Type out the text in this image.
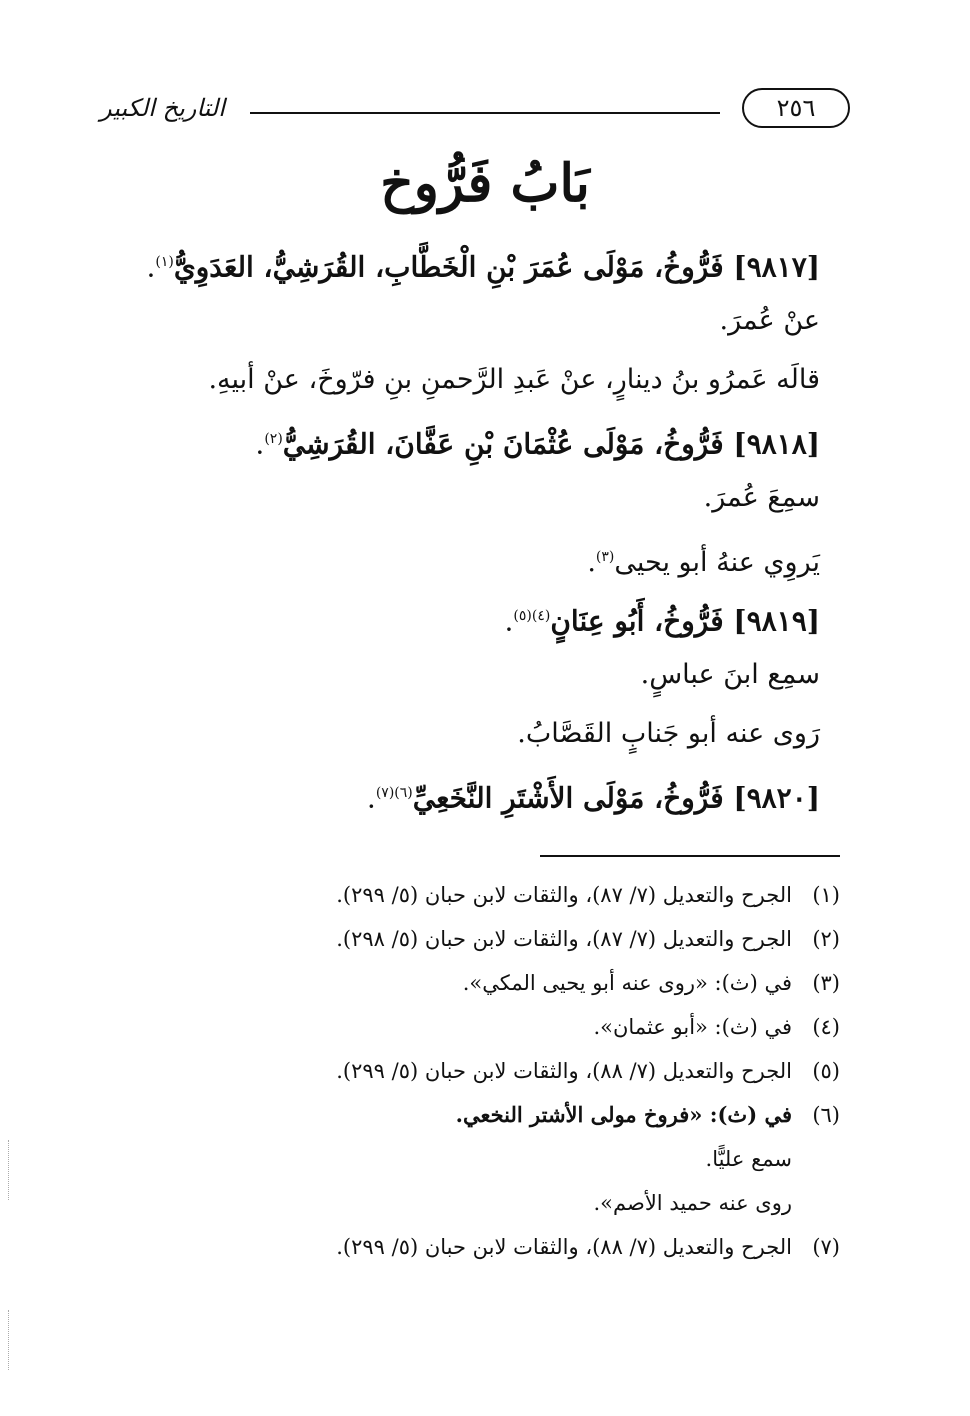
التاريخ الكبير	٢٥٦
بَابُ فَرُّوخ
[٩٨١٧] فَرُّوخُ، مَوْلَى عُمَرَ بْنِ الْخَطَّابِ، القُرَشِيُّ، العَدَوِيُّ$^{(١)}$.
عنْ عُمرَ.
قالَه عَمرُو بنُ دينارٍ، عنْ عَبدِ الرَّحمنِ بنِ فرّوخَ، عنْ أبيهِ.
[٩٨١٨] فَرُّوخُ، مَوْلَى عُثْمَانَ بْنِ عَفَّانَ، القُرَشِيُّ$^{(٢)}$.
سمِعَ عُمرَ.
يَروِي عنهُ أبو يحيى$^{(٣)}$.
[٩٨١٩] فَرُّوخُ، أَبُو عِنَانٍ$^{(٤)(٥)}$.
سمِع ابنَ عباسٍ.
رَوى عنه أبو جَنابٍ القَصَّابُ.
[٩٨٢٠] فَرُّوخُ، مَوْلَى الأَشْتَرِ النَّخَعِيِّ$^{(٦)(٧)}$.
(١)الجرح والتعديل (٧/ ٨٧)، والثقات لابن حبان (٥/ ٢٩٩).
(٢)الجرح والتعديل (٧/ ٨٧)، والثقات لابن حبان (٥/ ٢٩٨).
(٣)في (ث): «روى عنه أبو يحيى المكي».
(٤)في (ث): «أبو عثمان».
(٥)الجرح والتعديل (٧/ ٨٨)، والثقات لابن حبان (٥/ ٢٩٩).
(٦)في (ث): «فروخ مولى الأشتر النخعي.
سمع عليًّا.
روى عنه حميد الأصم».
(٧)الجرح والتعديل (٧/ ٨٨)، والثقات لابن حبان (٥/ ٢٩٩).
